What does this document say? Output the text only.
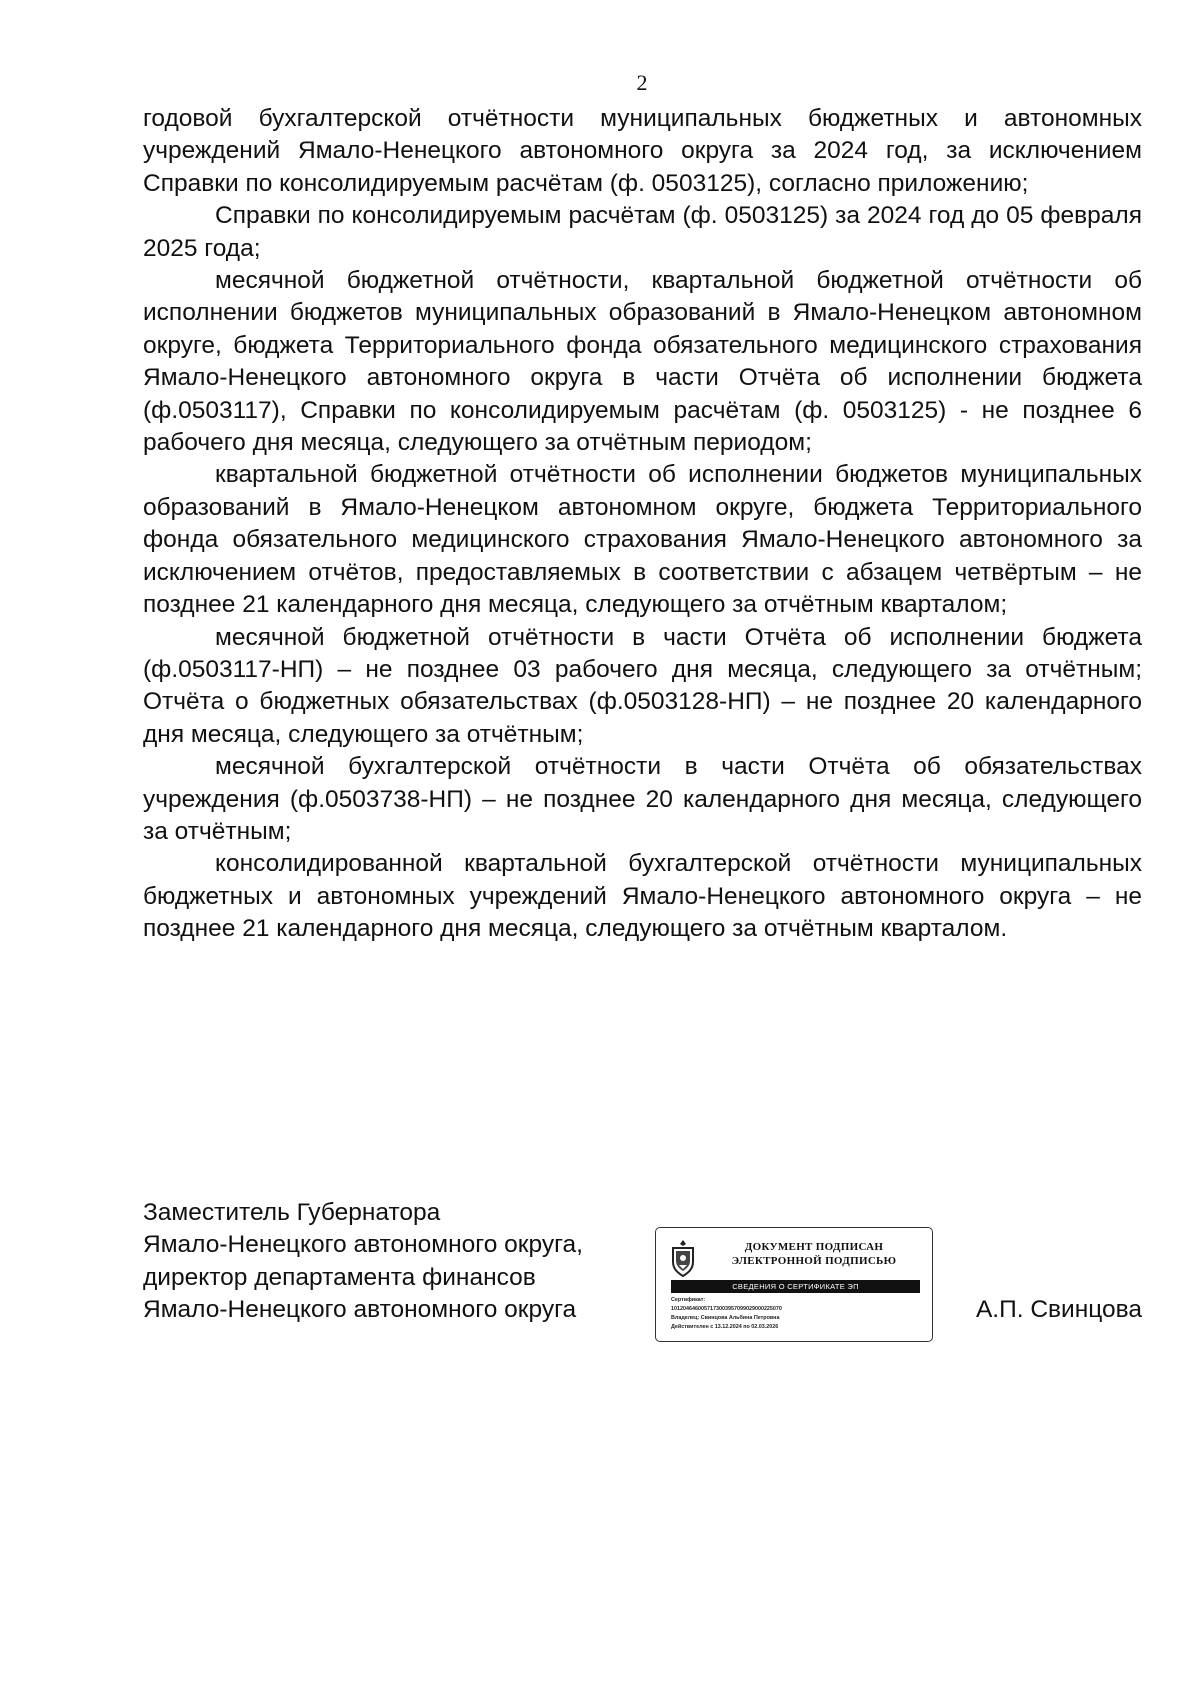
2

годовой бухгалтерской отчётности муниципальных бюджетных и автономных учреждений Ямало-Ненецкого автономного округа за 2024 год, за исключением Справки по консолидируемым расчётам (ф. 0503125), согласно приложению;

Справки по консолидируемым расчётам (ф. 0503125) за 2024 год до 05 февраля 2025 года;

месячной бюджетной отчётности, квартальной бюджетной отчётности об исполнении бюджетов муниципальных образований в Ямало-Ненецком автономном округе, бюджета Территориального фонда обязательного медицинского страхования Ямало-Ненецкого автономного округа в части Отчёта об исполнении бюджета (ф.0503117), Справки по консолидируемым расчётам (ф. 0503125) - не позднее 6 рабочего дня месяца, следующего за отчётным периодом;

квартальной бюджетной отчётности об исполнении бюджетов муниципальных образований в Ямало-Ненецком автономном округе, бюджета Территориального фонда обязательного медицинского страхования Ямало-Ненецкого автономного за исключением отчётов, предоставляемых в соответствии с абзацем четвёртым – не позднее 21 календарного дня месяца, следующего за отчётным кварталом;

месячной бюджетной отчётности в части Отчёта об исполнении бюджета (ф.0503117-НП) – не позднее 03 рабочего дня месяца, следующего за отчётным; Отчёта о бюджетных обязательствах (ф.0503128-НП) – не позднее 20 календарного дня месяца, следующего за отчётным;

месячной бухгалтерской отчётности в части Отчёта об обязательствах учреждения (ф.0503738-НП) – не позднее 20 календарного дня месяца, следующего за отчётным;

консолидированной квартальной бухгалтерской отчётности муниципальных бюджетных и автономных учреждений Ямало-Ненецкого автономного округа – не позднее 21 календарного дня месяца, следующего за отчётным кварталом.

Заместитель Губернатора
Ямало-Ненецкого автономного округа,
директор департамента финансов
Ямало-Ненецкого автономного округа
ДОКУМЕНТ ПОДПИСАН
ЭЛЕКТРОННОЙ ПОДПИСЬЮ
СВЕДЕНИЯ О СЕРТИФИКАТЕ ЭП
Сертификат:
1012046460057173003957099029000225070
Владелец: Свинцова Альбина Петровна
Действителен с 13.12.2024 по 02.03.2026
А.П. Свинцова
